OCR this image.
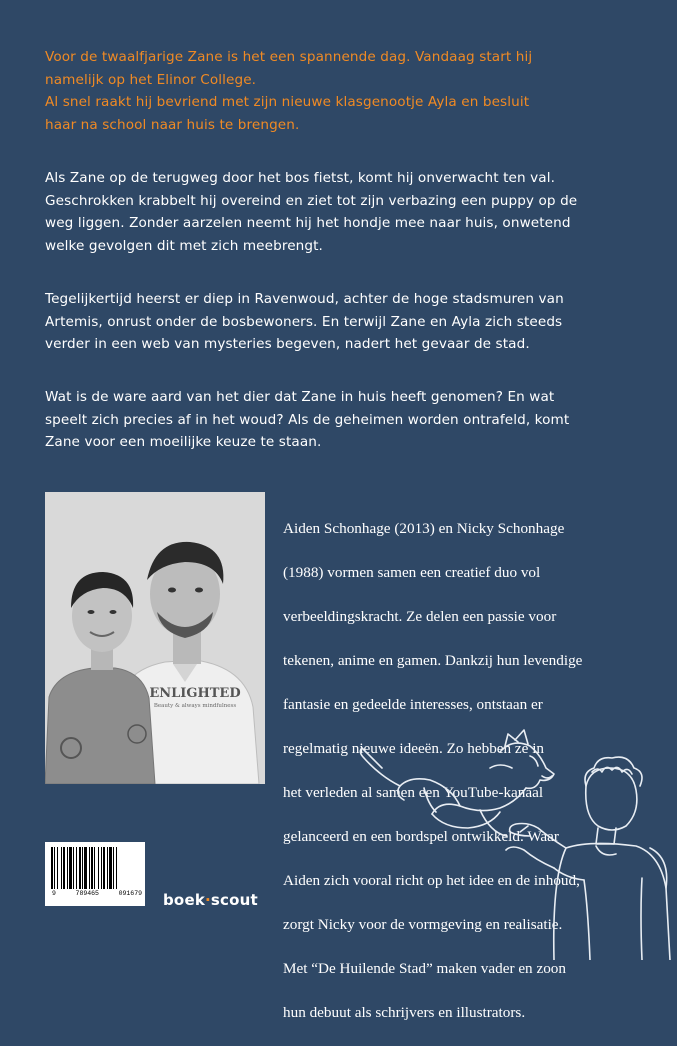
Voor de twaalfjarige Zane is het een spannende dag. Vandaag start hij
namelijk op het Elinor College.
Al snel raakt hij bevriend met zijn nieuwe klasgenootje Ayla en besluit
haar na school naar huis te brengen.
Als Zane op de terugweg door het bos fietst, komt hij onverwacht ten val.
Geschrokken krabbelt hij overeind en ziet tot zijn verbazing een puppy op de
weg liggen. Zonder aarzelen neemt hij het hondje mee naar huis, onwetend
welke gevolgen dit met zich meebrengt.
Tegelijkertijd heerst er diep in Ravenwoud, achter de hoge stadsmuren van
Artemis, onrust onder de bosbewoners. En terwijl Zane en Ayla zich steeds
verder in een web van mysteries begeven, nadert het gevaar de stad.
Wat is de ware aard van het dier dat Zane in huis heeft genomen? En wat
speelt zich precies af in het woud? Als de geheimen worden ontrafeld, komt
Zane voor een moeilijke keuze te staan.
ENLIGHTED
Beauty & always mindfulness

Aiden Schonhage (2013) en Nicky Schonhage

(1988) vormen samen een creatief duo vol

verbeeldingskracht. Ze delen een passie voor

tekenen, anime en gamen. Dankzij hun levendige

fantasie en gedeelde interesses, ontstaan er

regelmatig nieuwe ideeën. Zo hebben ze in

het verleden al samen een YouTube-kanaal

gelanceerd en een bordspel ontwikkeld. Waar

Aiden zich vooral richt op het idee en de inhoud,

zorgt Nicky voor de vormgeving en realisatie.

Met “De Huilende Stad” maken vader en zoon

hun debuut als schrijvers en illustrators.

9	789465	091679 boek·scout
